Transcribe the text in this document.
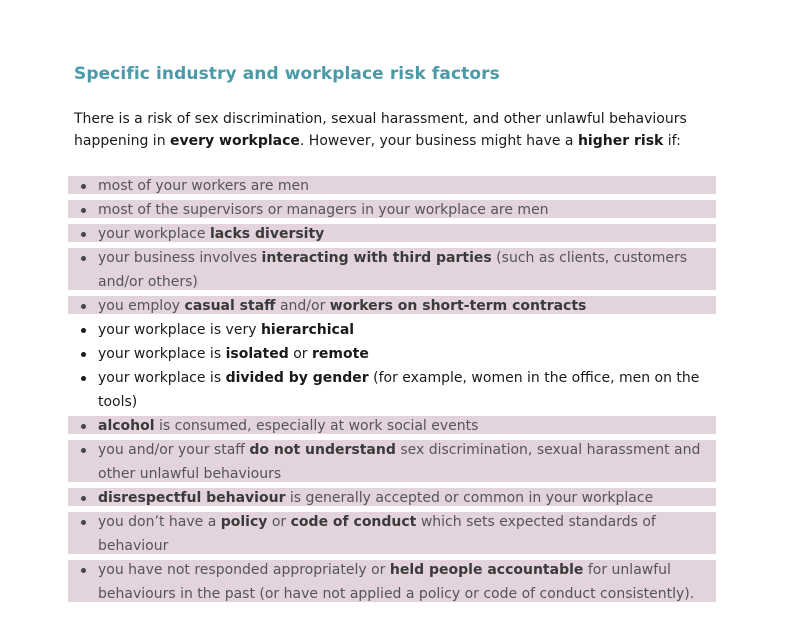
Specific industry and workplace risk factors

There is a risk of sex discrimination, sexual harassment, and other unlawful behaviours happening in every workplace. However, your business might have a higher risk if:

most of your workers are men
most of the supervisors or managers in your workplace are men
your workplace lacks diversity
your business involves interacting with third parties (such as clients, customers and/or others)
you employ casual staff and/or workers on short-term contracts
your workplace is very hierarchical
your workplace is isolated or remote
your workplace is divided by gender (for example, women in the office, men on the tools)
alcohol is consumed, especially at work social events
you and/or your staff do not understand sex discrimination, sexual harassment and other unlawful behaviours
disrespectful behaviour is generally accepted or common in your workplace
you don’t have a policy or code of conduct which sets expected standards of behaviour
you have not responded appropriately or held people accountable for unlawful behaviours in the past (or have not applied a policy or code of conduct consistently).
